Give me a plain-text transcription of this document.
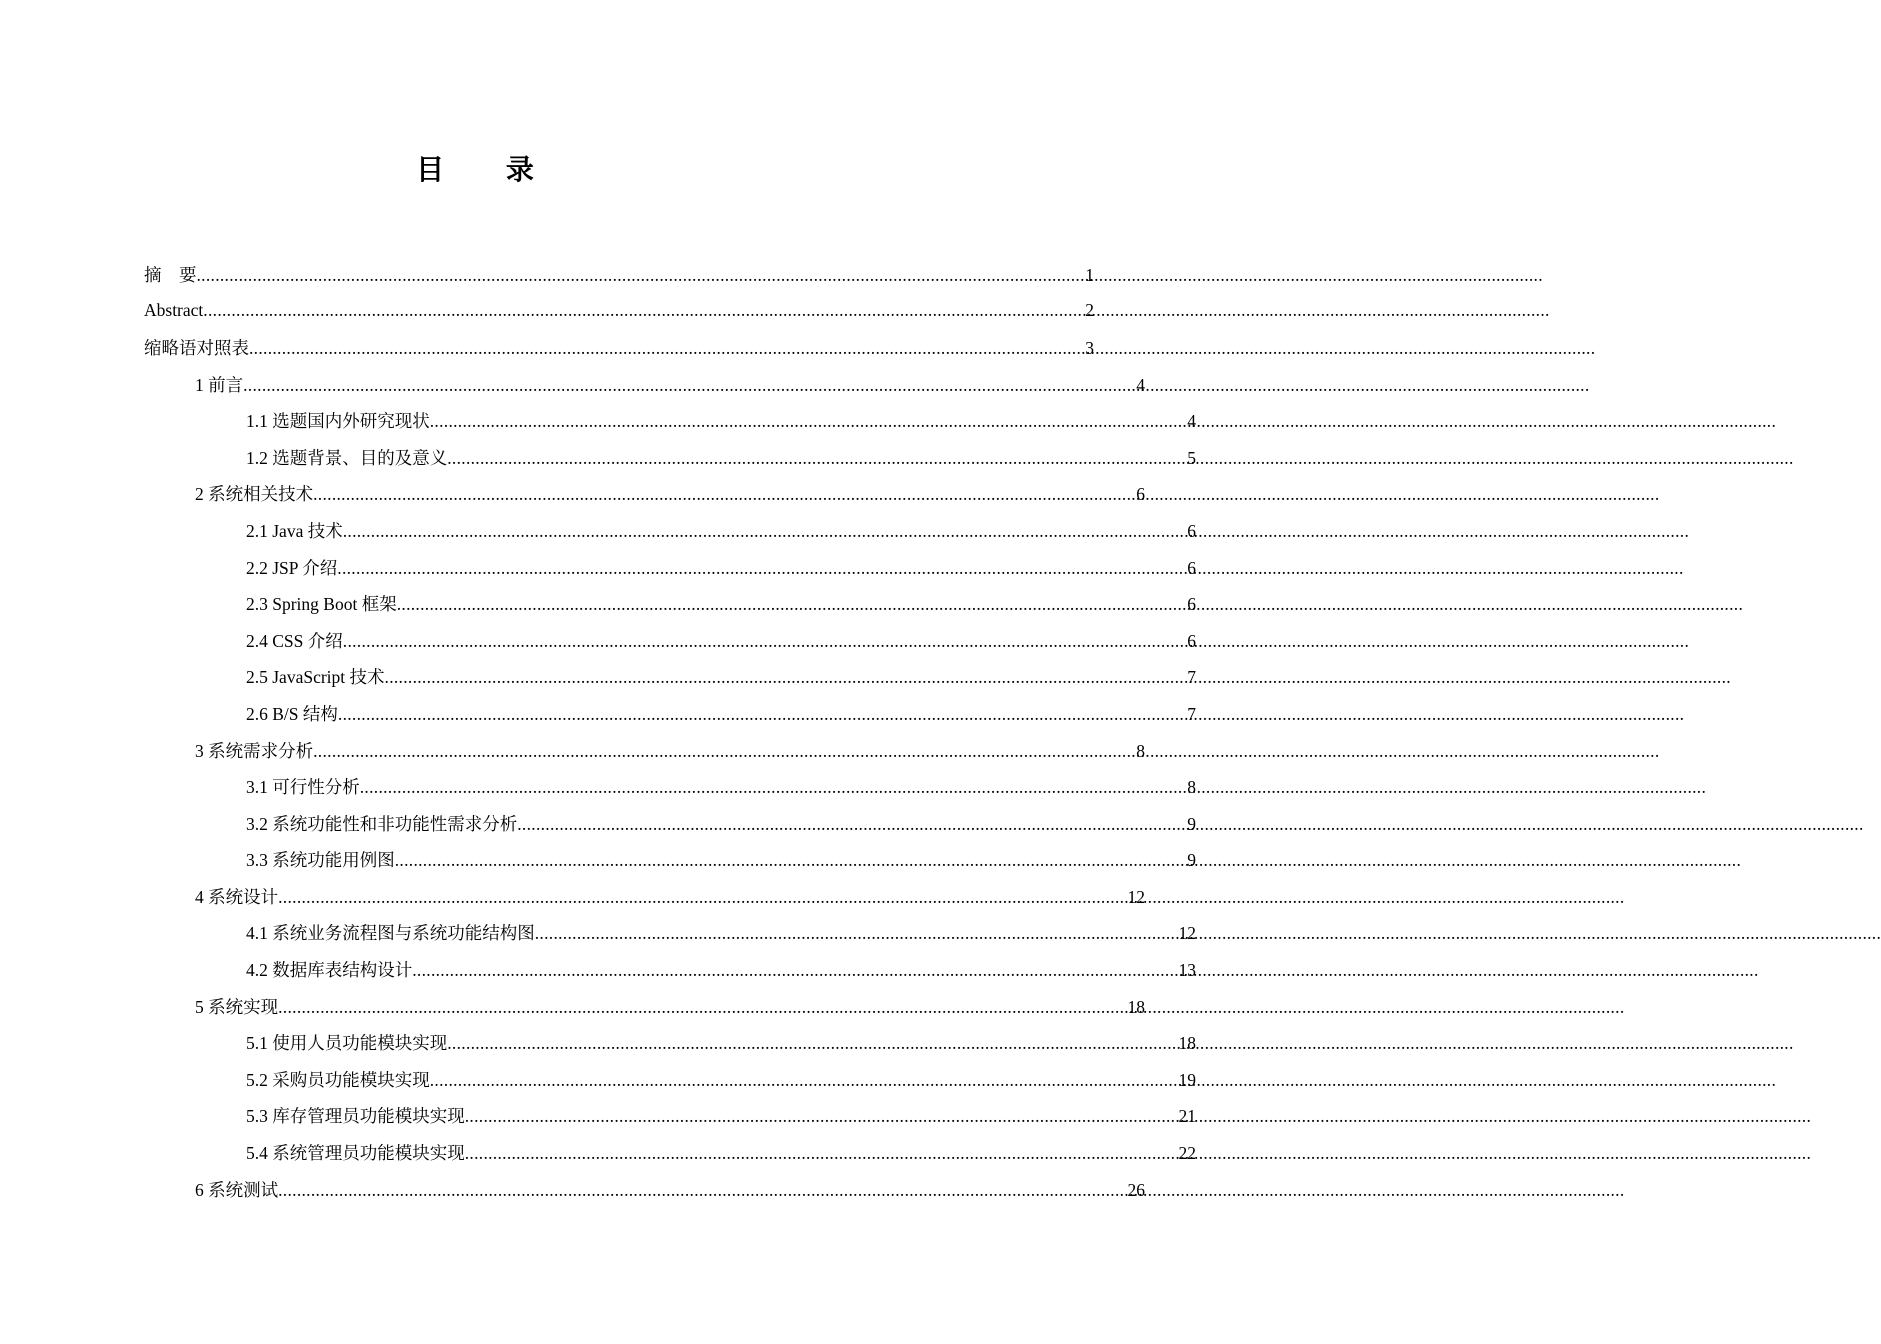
目 录
摘    要 .....	1
Abstract .....	2
缩略语对照表 .....	3
1 前言 .....	4
1.1 选题国内外研究现状 .....	4
1.2 选题背景、目的及意义 .....	5
2 系统相关技术 .....	6
2.1 Java 技术 .....	6
2.2 JSP 介绍 .....	6
2.3 Spring Boot 框架 .....	6
2.4 CSS 介绍 .....	6
2.5 JavaScript 技术 .....	7
2.6 B/S 结构 .....	7
3 系统需求分析 .....	8
3.1 可行性分析 .....	8
3.2 系统功能性和非功能性需求分析 .....	9
3.3 系统功能用例图 .....	9
4 系统设计 .....	12
4.1 系统业务流程图与系统功能结构图 .....	12
4.2 数据库表结构设计 .....	13
5 系统实现 .....	18
5.1 使用人员功能模块实现 .....	18
5.2 采购员功能模块实现 .....	19
5.3 库存管理员功能模块实现 .....	21
5.4 系统管理员功能模块实现 .....	22
6 系统测试 .....	26
